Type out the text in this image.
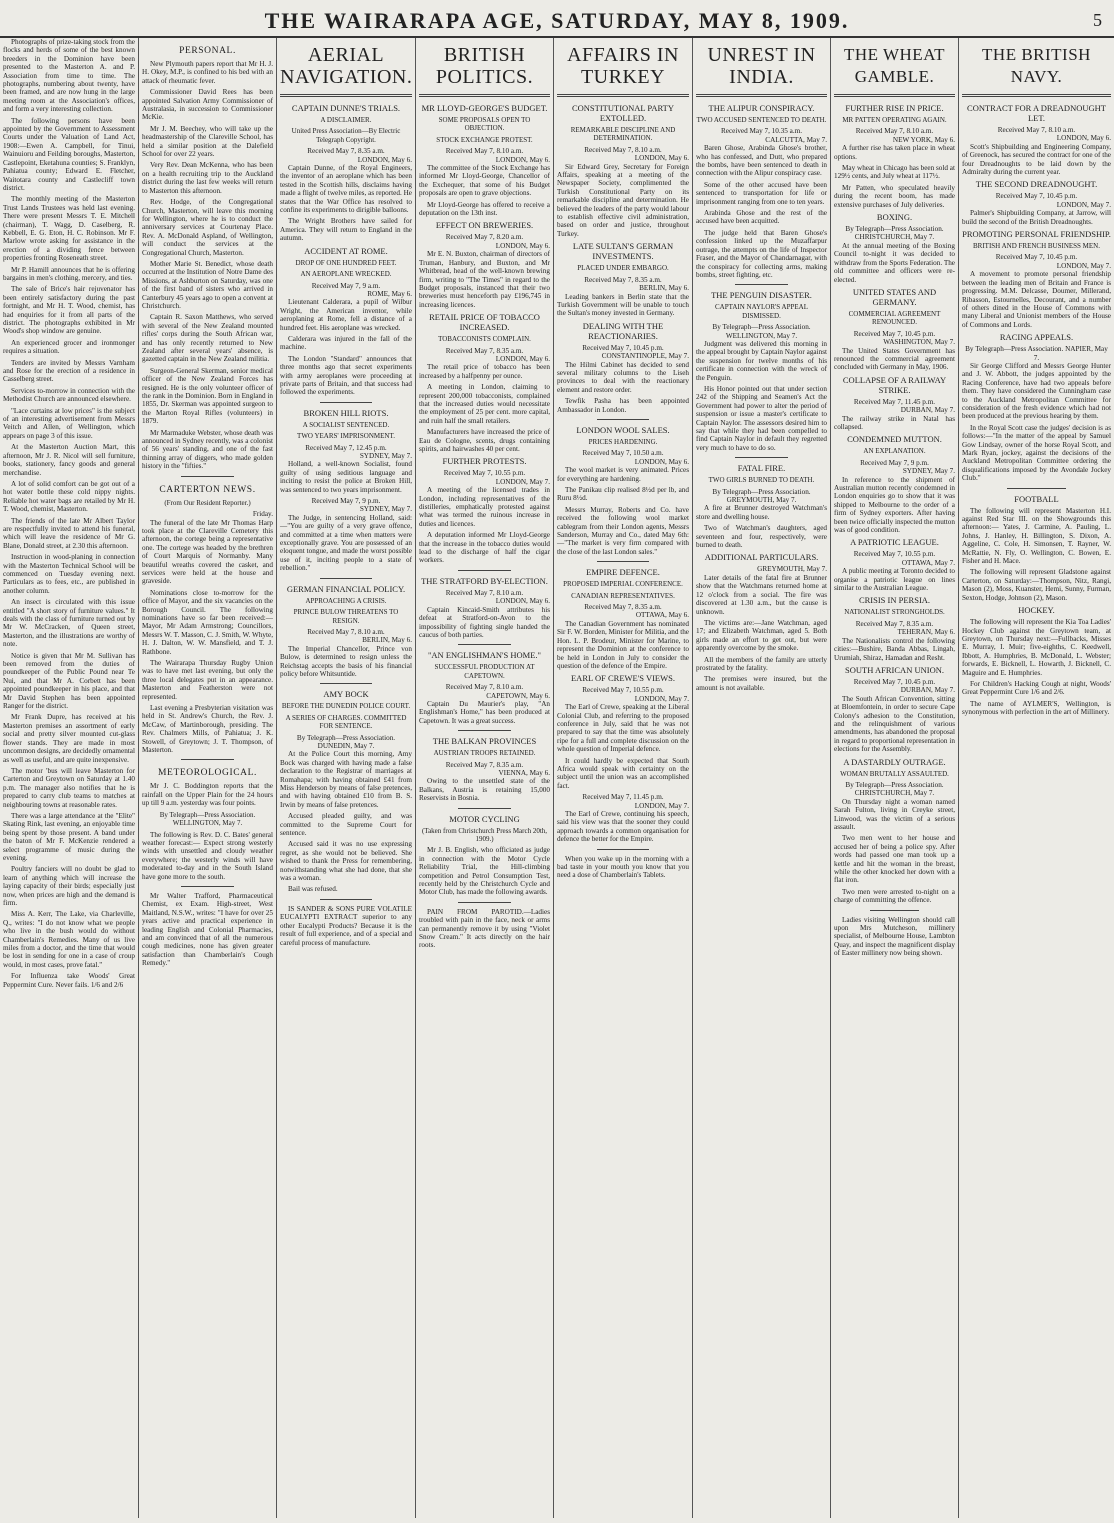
THE WAIRARAPA AGE, SATURDAY, MAY 8, 1909.	5

Photographs of prize-taking stock from the flocks and herds of some of the best known breeders in the Dominion have been presented to the Masterton A. and P. Association from time to time. The photographs, numbering about twenty, have been framed, and are now hung in the large meeting room at the Association's offices, and form a very interesting collection.

The following persons have been appointed by the Government to Assessment Courts under the Valuation of Land Act, 1908:—Ewen A. Campbell, for Tinui, Wainuioru and Feilding boroughs, Masterton, Castlepoint, Eketahuna counties; S. Franklyn, Pahiatua county; Edward E. Fletcher, Waitotara county and Castlecliff town district.

The monthly meeting of the Masterton Trust Lands Trustees was held last evening. There were present Messrs T. E. Mitchell (chairman), T. Wagg, D. Caselberg, R. Kebbell, E. G. Eton, H. C. Robinson. Mr F. Marlow wrote asking for assistance in the erection of a dividing fence between properties fronting Roseneath street.

Mr P. Hamill announces that he is offering bargains in men's clothing, mercery, and ties.

The sale of Brice's hair rejuvenator has been entirely satisfactory during the past fortnight, and Mr H. T. Wood, chemist, has had enquiries for it from all parts of the district. The photographs exhibited in Mr Wood's shop window are genuine.

An experienced grocer and ironmonger requires a situation.

Tenders are invited by Messrs Varnham and Rose for the erection of a residence in Casselberg street.

Services to-morrow in connection with the Methodist Church are announced elsewhere.

"Lace curtains at low prices" is the subject of an interesting advertisement from Messrs Veitch and Allen, of Wellington, which appears on page 3 of this issue.

At the Masterton Auction Mart, this afternoon, Mr J. R. Nicol will sell furniture, books, stationery, fancy goods and general merchandise.

A lot of solid comfort can be got out of a hot water bottle these cold nippy nights. Reliable hot water bags are retailed by Mr H. T. Wood, chemist, Masterton.

The friends of the late Mr Albert Taylor are respectfully invited to attend his funeral, which will leave the residence of Mr G. Blane, Donald street, at 2.30 this afternoon.

Instruction in wood-planing in connection with the Masterton Technical School will be commenced on Tuesday evening next. Particulars as to fees, etc., are published in another column.

An insect is circulated with this issue entitled "A short story of furniture values." It deals with the class of furniture turned out by Mr W. McCracken, of Queen street, Masterton, and the illustrations are worthy of note.

Notice is given that Mr M. Sullivan has been removed from the duties of poundkeeper of the Public Pound near Te Nui, and that Mr A. Corbett has been appointed poundkeeper in his place, and that Mr David Stephen has been appointed Ranger for the district.

Mr Frank Dupre, has received at his Masterton premises an assortment of early social and pretty silver mounted cut-glass flower stands. They are made in most uncommon designs, are decidedly ornamental as well as useful, and are quite inexpensive.

The motor 'bus will leave Masterton for Carterton and Greytown on Saturday at 1.40 p.m. The manager also notifies that he is prepared to carry club teams to matches at neighbouring towns at reasonable rates.

There was a large attendance at the "Elite" Skating Rink, last evening, an enjoyable time being spent by those present. A band under the baton of Mr F. McKenzie rendered a select programme of music during the evening.

Poultry fanciers will no doubt be glad to learn of anything which will increase the laying capacity of their birds; especially just now, when prices are high and the demand is firm.

Miss A. Kerr, The Lake, via Charleville, Q., writes: "I do not know what we people who live in the bush would do without Chamberlain's Remedies. Many of us live miles from a doctor, and the time that would be lost in sending for one in a case of croup would, in most cases, prove fatal."

For Influenza take Woods' Great Peppermint Cure. Never fails. 1/6 and 2/6

PERSONAL.

New Plymouth papers report that Mr H. J. H. Okey, M.P., is confined to his bed with an attack of rheumatic fever.

Commissioner David Rees has been appointed Salvation Army Commissioner of Australasia, in succession to Commissioner McKie.

Mr J. M. Beechey, who will take up the headmastership of the Clareville School, has held a similar position at the Dalefield School for over 22 years.

Very Rev. Dean McKenna, who has been on a health recruiting trip to the Auckland district during the last few weeks will return to Masterton this afternoon.

Rev. Hodge, of the Congregational Church, Masterton, will leave this morning for Wellington, where he is to conduct the anniversary services at Courtenay Place. Rev. A. McDonald Aspland, of Wellington, will conduct the services at the Congregational Church, Masterton.

Mother Marie St. Benedict, whose death occurred at the Institution of Notre Dame des Missions, at Ashburton on Saturday, was one of the first band of sisters who arrived in Canterbury 45 years ago to open a convent at Christchurch.

Captain R. Saxon Matthews, who served with several of the New Zealand mounted rifles' corps during the South African war, and has only recently returned to New Zealand after several years' absence, is gazetted captain in the New Zealand militia.

Surgeon-General Skerman, senior medical officer of the New Zealand Forces has resigned. He is the only volunteer officer of the rank in the Dominion. Born in England in 1855, Dr. Skerman was appointed surgeon to the Marton Royal Rifles (volunteers) in 1879.

Mr Marmaduke Webster, whose death was announced in Sydney recently, was a colonist of 56 years' standing, and one of the fast thinning array of diggers, who made golden history in the "fifties."

CARTERTON NEWS.
(From Our Resident Reporter.)
Friday.

The funeral of the late Mr Thomas Harp took place at the Clareville Cemetery this afternoon, the cortege being a representative one. The cortege was headed by the brethren of Court Marquis of Normanby. Many beautiful wreaths covered the casket, and services were held at the house and graveside.

Nominations close to-morrow for the office of Mayor, and the six vacancies on the Borough Council. The following nominations have so far been received:—Mayor, Mr Adam Armstrong; Councillors, Messrs W. T. Masson, C. J. Smith, W. Whyte, H. J. Dalton, W. W. Mansfield, and T. J. Rathbone.

The Wairarapa Thursday Rugby Union was to have met last evening, but only the three local delegates put in an appearance. Masterton and Featherston were not represented.

Last evening a Presbyterian visitation was held in St. Andrew's Church, the Rev. J. McCaw, of Martinborough, presiding. The Rev. Chalmers Mills, of Pahiatua; J. K. Stowell, of Greytown; J. T. Thompson, of Masterton.

METEOROLOGICAL.

Mr J. C. Boddington reports that the rainfall on the Upper Plain for the 24 hours up till 9 a.m. yesterday was four points.

By Telegraph—Press Association. WELLINGTON, May 7.

The following is Rev. D. C. Bates' general weather forecast:— Expect strong westerly winds with unsettled and cloudy weather everywhere; the westerly winds will have moderated to-day and in the South Island have gone more to the south.

Mr Walter Trafford, Pharmaceutical Chemist, ex Exam. High-street, West Maitland, N.S.W., writes: "I have for over 25 years active and practical experience in leading English and Colonial Pharmacies, and am convinced that of all the numerous cough medicines, none has given greater satisfaction than Chamberlain's Cough Remedy."

AERIAL NAVIGATION.
CAPTAIN DUNNE'S TRIALS.
A DISCLAIMER.
United Press Association—By Electric Telegraph Copyright.
Received May 7, 8.35 a.m.
LONDON, May 6.

Captain Dunne, of the Royal Engineers, the inventor of an aeroplane which has been tested in the Scottish hills, disclaims having made a flight of twelve miles, as reported. He states that the War Office has resolved to confine its experiments to dirigible balloons.

The Wright Brothers have sailed for America. They will return to England in the autumn.

ACCIDENT AT ROME.
DROP OF ONE HUNDRED FEET.
AN AEROPLANE WRECKED.
Received May 7, 9 a.m.
ROME, May 6.

Lieutenant Calderara, a pupil of Wilbur Wright, the American inventor, while aeroplaning at Rome, fell a distance of a hundred feet. His aeroplane was wrecked.

Calderara was injured in the fall of the machine.

The London "Standard" announces that three months ago that secret experiments with army aeroplanes were proceeding at private parts of Britain, and that success had followed the experiments.

BROKEN HILL RIOTS.
A SOCIALIST SENTENCED.
TWO YEARS' IMPRISONMENT.
Received May 7, 12.45 p.m.
SYDNEY, May 7.

Holland, a well-known Socialist, found guilty of using seditious language and inciting to resist the police at Broken Hill, was sentenced to two years imprisonment.

Received May 7, 9 p.m.
SYDNEY, May 7.

The Judge, in sentencing Holland, said:—"You are guilty of a very grave offence, and committed at a time when matters were exceptionally grave. You are possessed of an eloquent tongue, and made the worst possible use of it, inciting people to a state of rebellion."

GERMAN FINANCIAL POLICY.
APPROACHING A CRISIS.
PRINCE BULOW THREATENS TO RESIGN.
Received May 7, 8.10 a.m.
BERLIN, May 6.

The Imperial Chancellor, Prince von Bulow, is determined to resign unless the Reichstag accepts the basis of his financial policy before Whitsuntide.

AMY BOCK
BEFORE THE DUNEDIN POLICE COURT.
A SERIES OF CHARGES. COMMITTED FOR SENTENCE.
By Telegraph—Press Association. DUNEDIN, May 7.

At the Police Court this morning, Amy Bock was charged with having made a false declaration to the Registrar of marriages at Romahapa; with having obtained £41 from Miss Henderson by means of false pretences, and with having obtained £10 from B. S. Irwin by means of false pretences.

Accused pleaded guilty, and was committed to the Supreme Court for sentence.

Accused said it was no use expressing regret, as she would not be believed. She wished to thank the Press for remembering, notwithstanding what she had done, that she was a woman.

Bail was refused.

IS SANDER & SONS PURE VOLATILE EUCALYPTI EXTRACT superior to any other Eucalypti Products? Because it is the result of full experience, and of a special and careful process of manufacture.

BRITISH POLITICS.
MR LLOYD-GEORGE'S BUDGET.
SOME PROPOSALS OPEN TO OBJECTION.
STOCK EXCHANGE PROTEST.
Received May 7, 8.10 a.m.
LONDON, May 6.

The committee of the Stock Exchange has informed Mr Lloyd-George, Chancellor of the Exchequer, that some of his Budget proposals are open to grave objections.

Mr Lloyd-George has offered to receive a deputation on the 13th inst.

EFFECT ON BREWERIES.
Received May 7, 8.20 a.m.
LONDON, May 6.

Mr E. N. Buxton, chairman of directors of Truman, Hanbury, and Buxton, and Mr Whitbread, head of the well-known brewing firm, writing to "The Times" in regard to the Budget proposals, instanced that their two breweries must henceforth pay £196,745 in increasing licences.

RETAIL PRICE OF TOBACCO INCREASED.
TOBACCONISTS COMPLAIN.
Received May 7, 8.35 a.m.
LONDON, May 6.

The retail price of tobacco has been increased by a halfpenny per ounce.

A meeting in London, claiming to represent 200,000 tobacconists, complained that the increased duties would necessitate the employment of 25 per cent. more capital, and ruin half the small retailers.

Manufacturers have increased the price of Eau de Cologne, scents, drugs containing spirits, and hairwashes 40 per cent.

FURTHER PROTESTS.
Received May 7, 10.55 p.m.
LONDON, May 7.

A meeting of the licensed trades in London, including representatives of the distilleries, emphatically protested against what was termed the ruinous increase in duties and licences.

A deputation informed Mr Lloyd-George that the increase in the tobacco duties would lead to the discharge of half the cigar workers.

THE STRATFORD BY-ELECTION.
Received May 7, 8.10 a.m.
LONDON, May 6.

Captain Kincaid-Smith attributes his defeat at Stratford-on-Avon to the impossibility of fighting single handed the caucus of both parties.

"AN ENGLISHMAN'S HOME."
SUCCESSFUL PRODUCTION AT CAPETOWN.
Received May 7, 8.10 a.m.
CAPETOWN, May 6.

Captain Du Maurier's play, "An Englishman's Home," has been produced at Capetown. It was a great success.

THE BALKAN PROVINCES
AUSTRIAN TROOPS RETAINED.
Received May 7, 8.35 a.m.
VIENNA, May 6.

Owing to the unsettled state of the Balkans, Austria is retaining 15,000 Reservists in Bosnia.

MOTOR CYCLING
(Taken from Christchurch Press March 20th, 1909.)

Mr J. B. English, who officiated as judge in connection with the Motor Cycle Reliability Trial, the Hill-climbing competition and Petrol Consumption Test, recently held by the Christchurch Cycle and Motor Club, has made the following awards.

PAIN FROM PAROTID.—Ladies troubled with pain in the face, neck or arms can permanently remove it by using "Violet Snow Cream." It acts directly on the hair roots.

AFFAIRS IN TURKEY
CONSTITUTIONAL PARTY EXTOLLED.
REMARKABLE DISCIPLINE AND DETERMINATION.
Received May 7, 8.10 a.m.
LONDON, May 6.

Sir Edward Grey, Secretary for Foreign Affairs, speaking at a meeting of the Newspaper Society, complimented the Turkish Constitutional Party on its remarkable discipline and determination. He believed the leaders of the party would labour to establish effective civil administration, based on order and justice, throughout Turkey.

LATE SULTAN'S GERMAN INVESTMENTS.
PLACED UNDER EMBARGO.
Received May 7, 8.35 a.m.
BERLIN, May 6.

Leading bankers in Berlin state that the Turkish Government will be unable to touch the Sultan's money invested in Germany.

DEALING WITH THE REACTIONARIES.
Received May 7, 10.45 p.m.
CONSTANTINOPLE, May 7.

The Hilmi Cabinet has decided to send several military columns to the Liseh provinces to deal with the reactionary element and restore order.

Tewfik Pasha has been appointed Ambassador in London.

LONDON WOOL SALES.
PRICES HARDENING.
Received May 7, 10.50 a.m.
LONDON, May 6.

The wool market is very animated. Prices for everything are hardening.

The Panikau clip realised 8½d per lb, and Ruru 8½d.

Messrs Murray, Roberts and Co. have received the following wool market cablegram from their London agents, Messrs Sanderson, Murray and Co., dated May 6th:—"The market is very firm compared with the close of the last London sales."

EMPIRE DEFENCE.
PROPOSED IMPERIAL CONFERENCE.
CANADIAN REPRESENTATIVES.
Received May 7, 8.35 a.m.
OTTAWA, May 6.

The Canadian Government has nominated Sir F. W. Borden, Minister for Militia, and the Hon. L. P. Brodeur, Minister for Marine, to represent the Dominion at the conference to be held in London in July to consider the question of the defence of the Empire.

EARL OF CREWE'S VIEWS.
Received May 7, 10.55 p.m.
LONDON, May 7.

The Earl of Crewe, speaking at the Liberal Colonial Club, and referring to the proposed conference in July, said that he was not prepared to say that the time was absolutely ripe for a full and complete discussion on the whole question of Imperial defence.

It could hardly be expected that South Africa would speak with certainty on the subject until the union was an accomplished fact.

Received May 7, 11.45 p.m.
LONDON, May 7.

The Earl of Crewe, continuing his speech, said his view was that the sooner they could approach towards a common organisation for defence the better for the Empire.

When you wake up in the morning with a bad taste in your mouth you know that you need a dose of Chamberlain's Tablets.

UNREST IN INDIA.
THE ALIPUR CONSPIRACY.
TWO ACCUSED SENTENCED TO DEATH.
Received May 7, 10.35 a.m.
CALCUTTA, May 7.

Baren Ghose, Arabinda Ghose's brother, who has confessed, and Dutt, who prepared the bombs, have been sentenced to death in connection with the Alipur conspiracy case.

Some of the other accused have been sentenced to transportation for life or imprisonment ranging from one to ten years.

Arabinda Ghose and the rest of the accused have been acquitted.

The judge held that Baren Ghose's confession linked up the Muzaffarpur outrage, the attempts on the life of Inspector Fraser, and the Mayor of Chandarnagar, with the conspiracy for collecting arms, making bombs, street fighting, etc.

THE PENGUIN DISASTER.
CAPTAIN NAYLOR'S APPEAL DISMISSED.
By Telegraph—Press Association. WELLINGTON, May 7.

Judgment was delivered this morning in the appeal brought by Captain Naylor against the suspension for twelve months of his certificate in connection with the wreck of the Penguin.

His Honor pointed out that under section 242 of the Shipping and Seamen's Act the Government had power to alter the period of suspension or issue a master's certificate to Captain Naylor. The assessors desired him to say that while they had been compelled to find Captain Naylor in default they regretted very much to have to do so.

FATAL FIRE.
TWO GIRLS BURNED TO DEATH.
By Telegraph—Press Association. GREYMOUTH, May 7.

A fire at Brunner destroyed Watchman's store and dwelling house.

Two of Watchman's daughters, aged seventeen and four, respectively, were burned to death.

ADDITIONAL PARTICULARS.
GREYMOUTH, May 7.

Later details of the fatal fire at Brunner show that the Watchmans returned home at 12 o'clock from a social. The fire was discovered at 1.30 a.m., but the cause is unknown.

The victims are:—Jane Watchman, aged 17; and Elizabeth Watchman, aged 5. Both girls made an effort to get out, but were apparently overcome by the smoke.

All the members of the family are utterly prostrated by the fatality.

The premises were insured, but the amount is not available.

THE WHEAT GAMBLE.
FURTHER RISE IN PRICE.
MR PATTEN OPERATING AGAIN.
Received May 7, 8.10 a.m.
NEW YORK, May 6.

A further rise has taken place in wheat options.

May wheat in Chicago has been sold at 129½ cents, and July wheat at 117½.

Mr Patten, who speculated heavily during the recent boom, has made extensive purchases of July deliveries.

BOXING.
By Telegraph—Press Association. CHRISTCHURCH, May 7.

At the annual meeting of the Boxing Council to-night it was decided to withdraw from the Sports Federation. The old committee and officers were re-elected.

UNITED STATES AND GERMANY.
COMMERCIAL AGREEMENT RENOUNCED.
Received May 7, 10.45 p.m.
WASHINGTON, May 7.

The United States Government has renounced the commercial agreement concluded with Germany in May, 1906.

COLLAPSE OF A RAILWAY STRIKE.
Received May 7, 11.45 p.m.
DURBAN, May 7.

The railway strike in Natal has collapsed.

CONDEMNED MUTTON.
AN EXPLANATION.
Received May 7, 9 p.m.
SYDNEY, May 7.

In reference to the shipment of Australian mutton recently condemned in London enquiries go to show that it was shipped to Melbourne to the order of a firm of Sydney exporters. After having been twice officially inspected the mutton was of good condition.

A PATRIOTIC LEAGUE.
Received May 7, 10.55 p.m.
OTTAWA, May 7.

A public meeting at Toronto decided to organise a patriotic league on lines similar to the Australian League.

CRISIS IN PERSIA.
NATIONALIST STRONGHOLDS.
Received May 7, 8.35 a.m.
TEHERAN, May 6.

The Nationalists control the following cities:—Bushire, Banda Abbas, Lingah, Urumiah, Shiraz, Hamadan and Resht.

SOUTH AFRICAN UNION.
Received May 7, 10.45 p.m.
DURBAN, May 7.

The South African Convention, sitting at Bloemfontein, in order to secure Cape Colony's adhesion to the Constitution, and the relinquishment of various amendments, has abandoned the proposal in regard to proportional representation in elections for the Assembly.

A DASTARDLY OUTRAGE.
WOMAN BRUTALLY ASSAULTED.
By Telegraph—Press Association. CHRISTCHURCH, May 7.

On Thursday night a woman named Sarah Fulton, living in Creyke street, Linwood, was the victim of a serious assault.

Two men went to her house and accused her of being a police spy. After words had passed one man took up a kettle and hit the woman in the breast, while the other knocked her down with a flat iron.

Two men were arrested to-night on a charge of committing the offence.

Ladies visiting Wellington should call upon Mrs Mutcheson, millinery specialist, of Melbourne House, Lambton Quay, and inspect the magnificent display of Easter millinery now being shown.

THE BRITISH NAVY.
CONTRACT FOR A DREADNOUGHT LET.
Received May 7, 8.10 a.m.
LONDON, May 6.

Scott's Shipbuilding and Engineering Company, of Greenock, has secured the contract for one of the four Dreadnoughts to be laid down by the Admiralty during the current year.

THE SECOND DREADNOUGHT.
Received May 7, 10.45 p.m.
LONDON, May 7.

Palmer's Shipbuilding Company, at Jarrow, will build the second of the British Dreadnoughts.

PROMOTING PERSONAL FRIENDSHIP.
BRITISH AND FRENCH BUSINESS MEN.
Received May 7, 10.45 p.m.
LONDON, May 7.

A movement to promote personal friendship between the leading men of Britain and France is progressing. M.M. Delcasse, Doumer, Millerand, Ribasson, Estournelles, Decourant, and a number of others dined in the House of Commons with many Liberal and Unionist members of the House of Commons and Lords.

RACING APPEALS.
By Telegraph—Press Association. NAPIER, May 7.

Sir George Clifford and Messrs George Hunter and J. W. Abbott, the judges appointed by the Racing Conference, have had two appeals before them. They have considered the Cunningham case to the Auckland Metropolitan Committee for consideration of the fresh evidence which had not been produced at the previous hearing by them.

In the Royal Scott case the judges' decision is as follows:—"In the matter of the appeal by Samuel Gow Lindsay, owner of the horse Royal Scott, and Mark Ryan, jockey, against the decisions of the Auckland Metropolitan Committee ordering the disqualifications imposed by the Avondale Jockey Club."

FOOTBALL

The following will represent Masterton H.I. against Red Star III. on the Showgrounds this afternoon:— Yates, J. Carmine, A. Pauling, L. Johns, J. Hanley, H. Billington, S. Dixon, A. Aggeline, C. Cole, H. Simonsen, T. Rayner, W. McRattie, N. Fly, O. Wellington, C. Bowen, E. Fisher and H. Mace.

The following will represent Gladstone against Carterton, on Saturday:—Thompson, Nitz, Rangi, Mason (2), Moss, Kuanster, Hemi, Sunny, Furman, Sexton, Hodge, Johnson (2), Mason.

HOCKEY.

The following will represent the Kia Toa Ladies' Hockey Club against the Greytown team, at Greytown, on Thursday next:—Fullbacks, Misses E. Murray, I. Muir; five-eighths, C. Keedwell, Ibbott, A. Humphries, B. McDonald, L. Webster; forwards, E. Bicknell, L. Howarth, J. Bicknell, C. Maguire and E. Humphries.

For Children's Hacking Cough at night, Woods' Great Peppermint Cure 1/6 and 2/6.

The name of AYLMER'S, Wellington, is synonymous with perfection in the art of Millinery.
